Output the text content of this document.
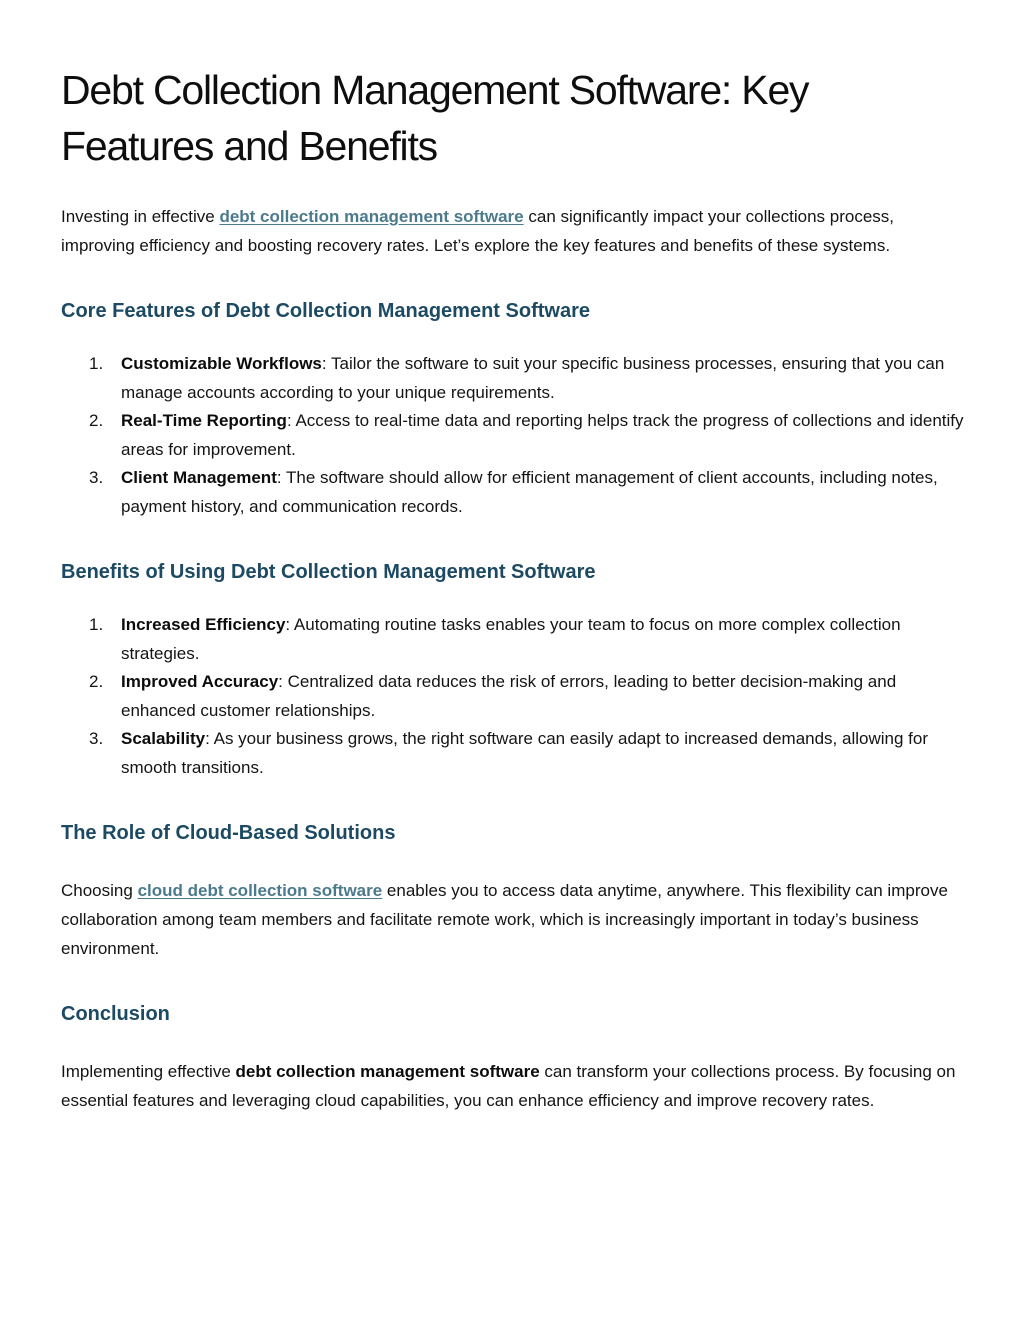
Debt Collection Management Software: Key Features and Benefits

Investing in effective debt collection management software can significantly impact your collections process, improving efficiency and boosting recovery rates. Let’s explore the key features and benefits of these systems.

Core Features of Debt Collection Management Software
1.	Customizable Workflows: Tailor the software to suit your specific business processes, ensuring that you can manage accounts according to your unique requirements.
2.	Real-Time Reporting: Access to real-time data and reporting helps track the progress of collections and identify areas for improvement.
3.	Client Management: The software should allow for efficient management of client accounts, including notes, payment history, and communication records.
Benefits of Using Debt Collection Management Software
1.	Increased Efficiency: Automating routine tasks enables your team to focus on more complex collection strategies.
2.	Improved Accuracy: Centralized data reduces the risk of errors, leading to better decision-making and enhanced customer relationships.
3.	Scalability: As your business grows, the right software can easily adapt to increased demands, allowing for smooth transitions.
The Role of Cloud-Based Solutions

Choosing cloud debt collection software enables you to access data anytime, anywhere. This flexibility can improve collaboration among team members and facilitate remote work, which is increasingly important in today’s business environment.

Conclusion

Implementing effective debt collection management software can transform your collections process. By focusing on essential features and leveraging cloud capabilities, you can enhance efficiency and improve recovery rates.
